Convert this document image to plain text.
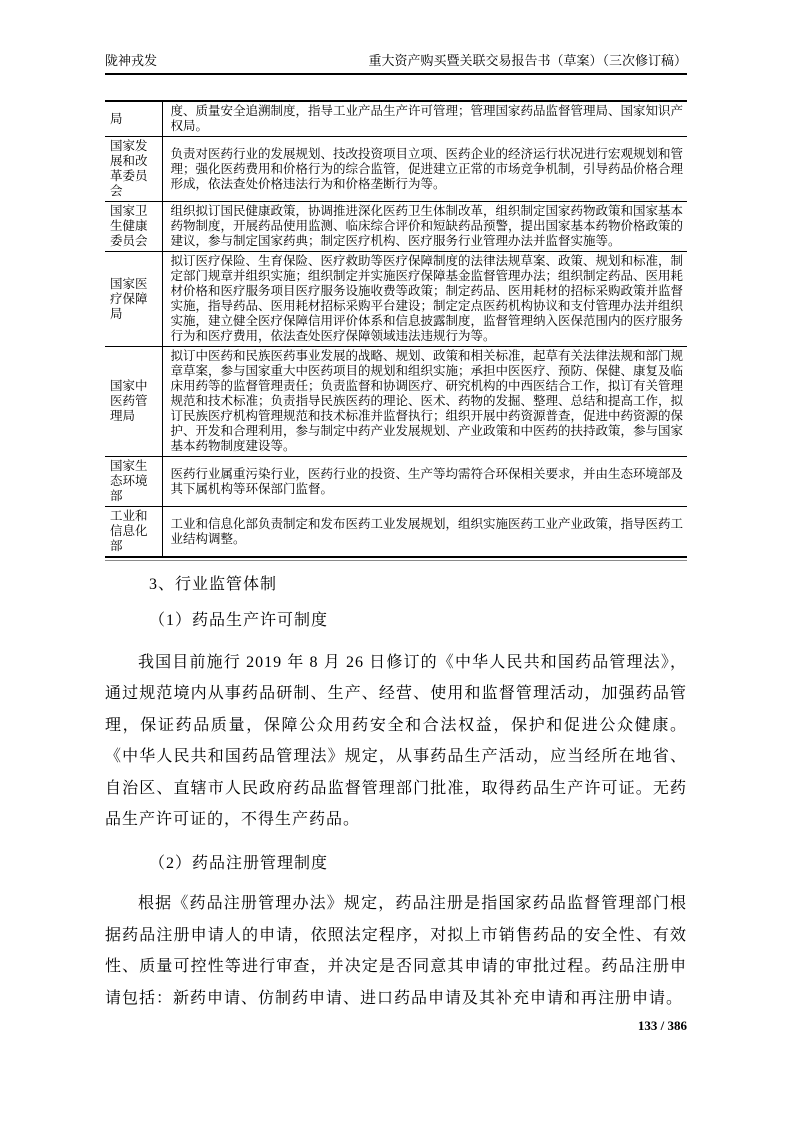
陇神戎发	重大资产购买暨关联交易报告书（草案）（三次修订稿）
局	度、质量安全追溯制度，指导工业产品生产许可管理；管理国家药品监督管理局、国家知识产权局。
国家发展和改革委员会	负责对医药行业的发展规划、技改投资项目立项、医药企业的经济运行状况进行宏观规划和管理；强化医药费用和价格行为的综合监管，促进建立正常的市场竞争机制，引导药品价格合理形成，依法查处价格违法行为和价格垄断行为等。
国家卫生健康委员会	组织拟订国民健康政策，协调推进深化医药卫生体制改革，组织制定国家药物政策和国家基本药物制度，开展药品使用监测、临床综合评价和短缺药品预警，提出国家基本药物价格政策的建议，参与制定国家药典；制定医疗机构、医疗服务行业管理办法并监督实施等。
国家医疗保障局	拟订医疗保险、生育保险、医疗救助等医疗保障制度的法律法规草案、政策、规划和标准，制定部门规章并组织实施；组织制定并实施医疗保障基金监督管理办法；组织制定药品、医用耗材价格和医疗服务项目医疗服务设施收费等政策；制定药品、医用耗材的招标采购政策并监督实施，指导药品、医用耗材招标采购平台建设；制定定点医药机构协议和支付管理办法并组织实施，建立健全医疗保障信用评价体系和信息披露制度，监督管理纳入医保范围内的医疗服务行为和医疗费用，依法查处医疗保障领域违法违规行为等。
国家中医药管理局	拟订中医药和民族医药事业发展的战略、规划、政策和相关标准，起草有关法律法规和部门规章草案，参与国家重大中医药项目的规划和组织实施；承担中医医疗、预防、保健、康复及临床用药等的监督管理责任；负责监督和协调医疗、研究机构的中西医结合工作，拟订有关管理规范和技术标准；负责指导民族医药的理论、医术、药物的发掘、整理、总结和提高工作，拟订民族医疗机构管理规范和技术标准并监督执行；组织开展中药资源普查，促进中药资源的保护、开发和合理利用，参与制定中药产业发展规划、产业政策和中医药的扶持政策，参与国家基本药物制度建设等。
国家生态环境部	医药行业属重污染行业，医药行业的投资、生产等均需符合环保相关要求，并由生态环境部及其下属机构等环保部门监督。
工业和信息化部	工业和信息化部负责制定和发布医药工业发展规划，组织实施医药工业产业政策，指导医药工业结构调整。
3、行业监管体制
（1）药品生产许可制度

我国目前施行 2019 年 8 月 26 日修订的《中华人民共和国药品管理法》，通过规范境内从事药品研制、生产、经营、使用和监督管理活动，加强药品管理，保证药品质量，保障公众用药安全和合法权益，保护和促进公众健康。《中华人民共和国药品管理法》规定，从事药品生产活动，应当经所在地省、自治区、直辖市人民政府药品监督管理部门批准，取得药品生产许可证。无药品生产许可证的，不得生产药品。

（2）药品注册管理制度

根据《药品注册管理办法》规定，药品注册是指国家药品监督管理部门根据药品注册申请人的申请，依照法定程序，对拟上市销售药品的安全性、有效性、质量可控性等进行审查，并决定是否同意其申请的审批过程。药品注册申请包括：新药申请、仿制药申请、进口药品申请及其补充申请和再注册申请。

133 / 386
